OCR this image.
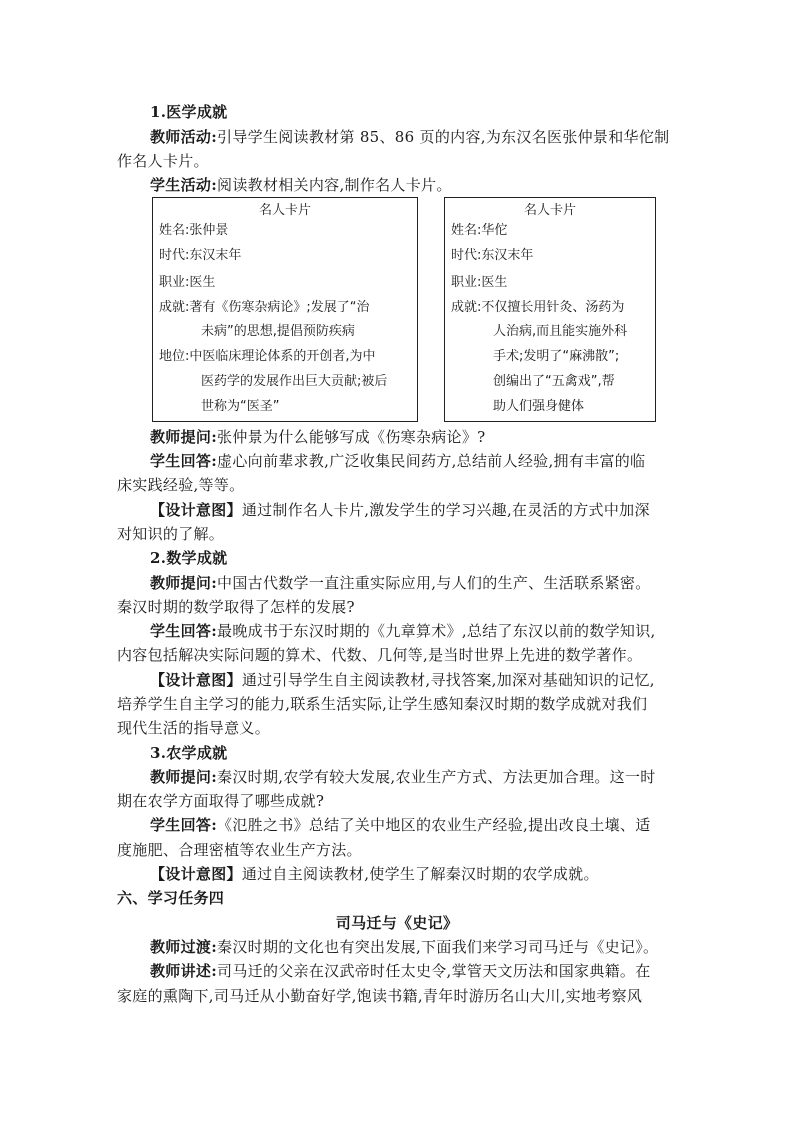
1.医学成就
教师活动:引导学生阅读教材第 85、86 页的内容,为东汉名医张仲景和华佗制
作名人卡片。
学生活动:阅读教材相关内容,制作名人卡片。
名人卡片
姓名:张仲景
时代:东汉末年
职业:医生
成就:著有《伤寒杂病论》;发展了“治
未病”的思想,提倡预防疾病
地位:中医临床理论体系的开创者,为中
医药学的发展作出巨大贡献;被后
世称为“医圣”
名人卡片
姓名:华佗
时代:东汉末年
职业:医生
成就:不仅擅长用针灸、汤药为
人治病,而且能实施外科
手术;发明了“麻沸散”;
创编出了“五禽戏”,帮
助人们强身健体
教师提问:张仲景为什么能够写成《伤寒杂病论》?
学生回答:虚心向前辈求教,广泛收集民间药方,总结前人经验,拥有丰富的临
床实践经验,等等。
【设计意图】通过制作名人卡片,激发学生的学习兴趣,在灵活的方式中加深
对知识的了解。
2.数学成就
教师提问:中国古代数学一直注重实际应用,与人们的生产、生活联系紧密。
秦汉时期的数学取得了怎样的发展?
学生回答:最晚成书于东汉时期的《九章算术》,总结了东汉以前的数学知识,
内容包括解决实际问题的算术、代数、几何等,是当时世界上先进的数学著作。
【设计意图】通过引导学生自主阅读教材,寻找答案,加深对基础知识的记忆,
培养学生自主学习的能力,联系生活实际,让学生感知秦汉时期的数学成就对我们
现代生活的指导意义。
3.农学成就
教师提问:秦汉时期,农学有较大发展,农业生产方式、方法更加合理。这一时
期在农学方面取得了哪些成就?
学生回答:《氾胜之书》总结了关中地区的农业生产经验,提出改良土壤、适
度施肥、合理密植等农业生产方法。
【设计意图】通过自主阅读教材,使学生了解秦汉时期的农学成就。
六、学习任务四
司马迁与《史记》
教师过渡:秦汉时期的文化也有突出发展,下面我们来学习司马迁与《史记》。
教师讲述:司马迁的父亲在汉武帝时任太史令,掌管天文历法和国家典籍。在
家庭的熏陶下,司马迁从小勤奋好学,饱读书籍,青年时游历名山大川,实地考察风
